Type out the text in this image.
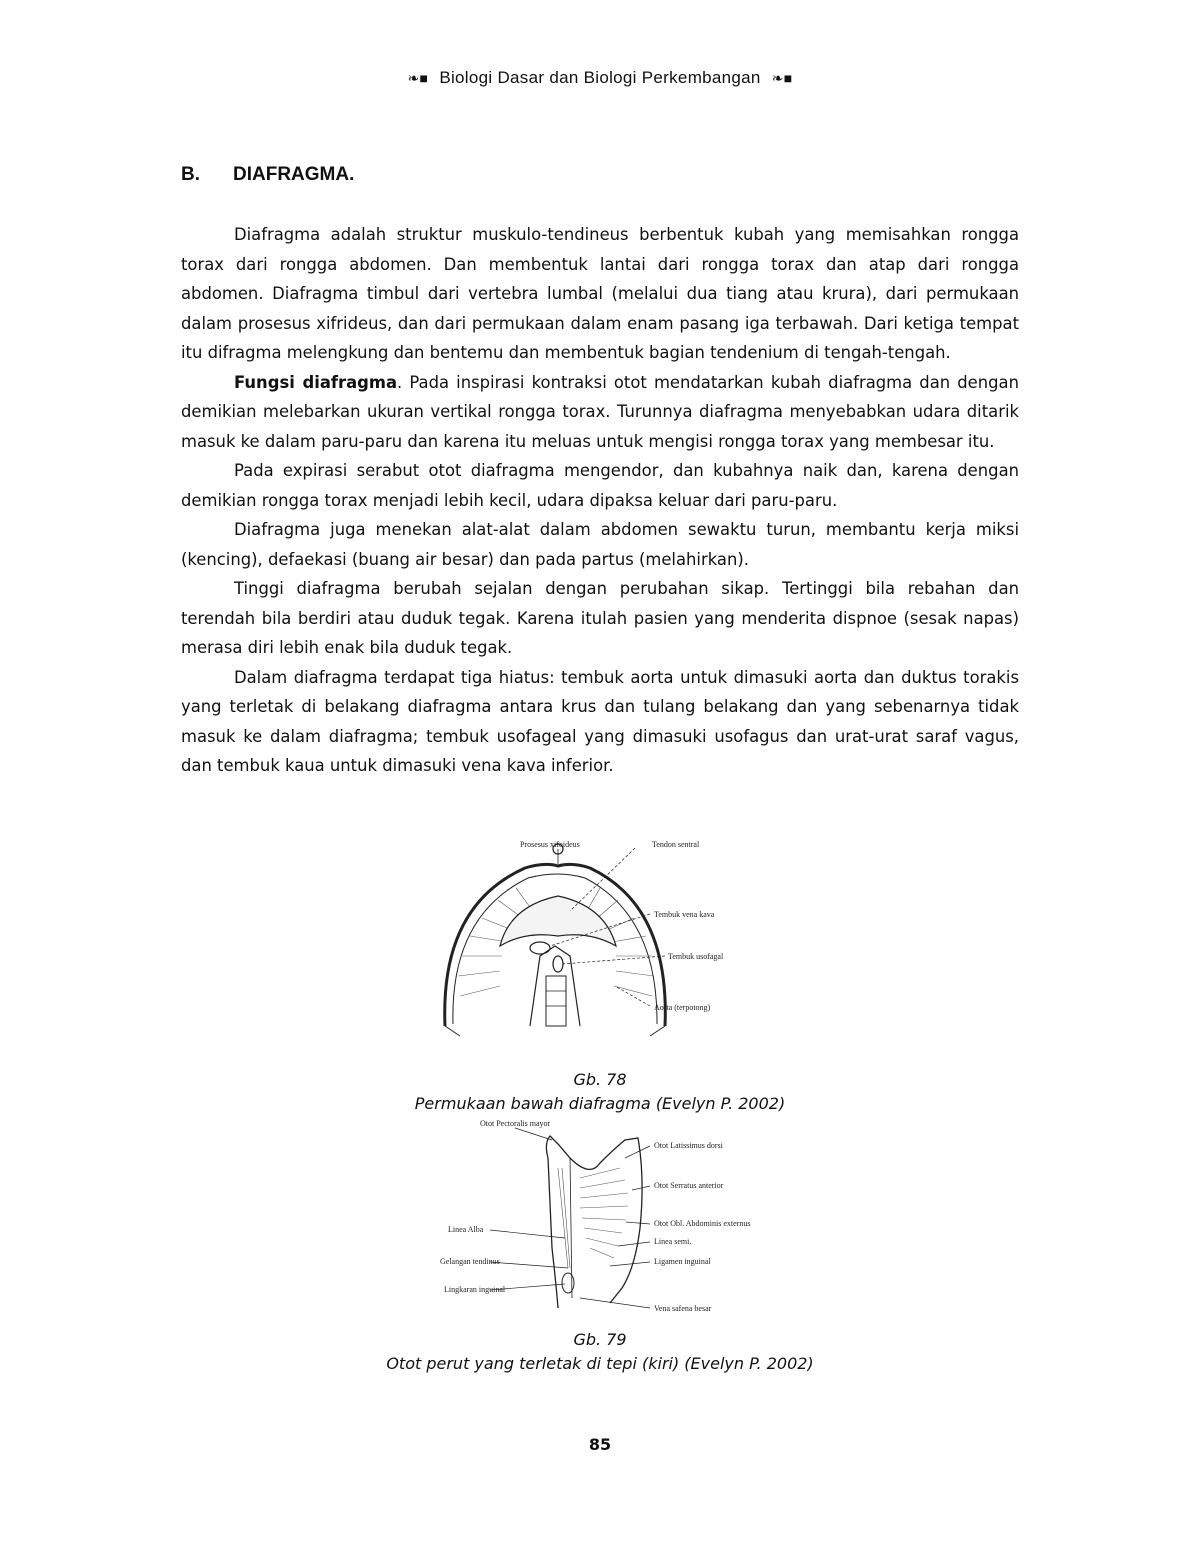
❧■ Biologi Dasar dan Biologi Perkembangan ❧■
B. DIAFRAGMA.

Diafragma adalah struktur muskulo-tendineus berbentuk kubah yang memisahkan rongga torax dari rongga abdomen. Dan membentuk lantai dari rongga torax dan atap dari rongga abdomen. Diafragma timbul dari vertebra lumbal (melalui dua tiang atau krura), dari permukaan dalam prosesus xifrideus, dan dari permukaan dalam enam pasang iga terbawah. Dari ketiga tempat itu difragma melengkung dan bentemu dan membentuk bagian tendenium di tengah-tengah.

Fungsi diafragma. Pada inspirasi kontraksi otot mendatarkan kubah diafragma dan dengan demikian melebarkan ukuran vertikal rongga torax. Turunnya diafragma menyebabkan udara ditarik masuk ke dalam paru-paru dan karena itu meluas untuk mengisi rongga torax yang membesar itu.

Pada expirasi serabut otot diafragma mengendor, dan kubahnya naik dan, karena dengan demikian rongga torax menjadi lebih kecil, udara dipaksa keluar dari paru-paru.

Diafragma juga menekan alat-alat dalam abdomen sewaktu turun, membantu kerja miksi (kencing), defaekasi (buang air besar) dan pada partus (melahirkan).

Tinggi diafragma berubah sejalan dengan perubahan sikap. Tertinggi bila rebahan dan terendah bila berdiri atau duduk tegak. Karena itulah pasien yang menderita dispnoe (sesak napas) merasa diri lebih enak bila duduk tegak.

Dalam diafragma terdapat tiga hiatus: tembuk aorta untuk dimasuki aorta dan duktus torakis yang terletak di belakang diafragma antara krus dan tulang belakang dan yang sebenarnya tidak masuk ke dalam diafragma; tembuk usofageal yang dimasuki usofagus dan urat-urat saraf vagus, dan tembuk kaua untuk dimasuki vena kava inferior.

Prosesus xifoideus	Tendon sentral
Tembuk vena kava
Tembuk usofagal
Aorta (terpotong)
Gb. 78
Permukaan bawah diafragma (Evelyn P. 2002)
Otot Pectoralis mayor
Otot Latissimus dorsi
Otot Serratus anterior
Otot Obl. Abdominis externus
Linea Alba
Linea semi.
Gelangan tendinus	Ligamen inguinal
Lingkaran inguinal
Vena safena besar
Gb. 79
Otot perut yang terletak di tepi (kiri) (Evelyn P. 2002)
85
